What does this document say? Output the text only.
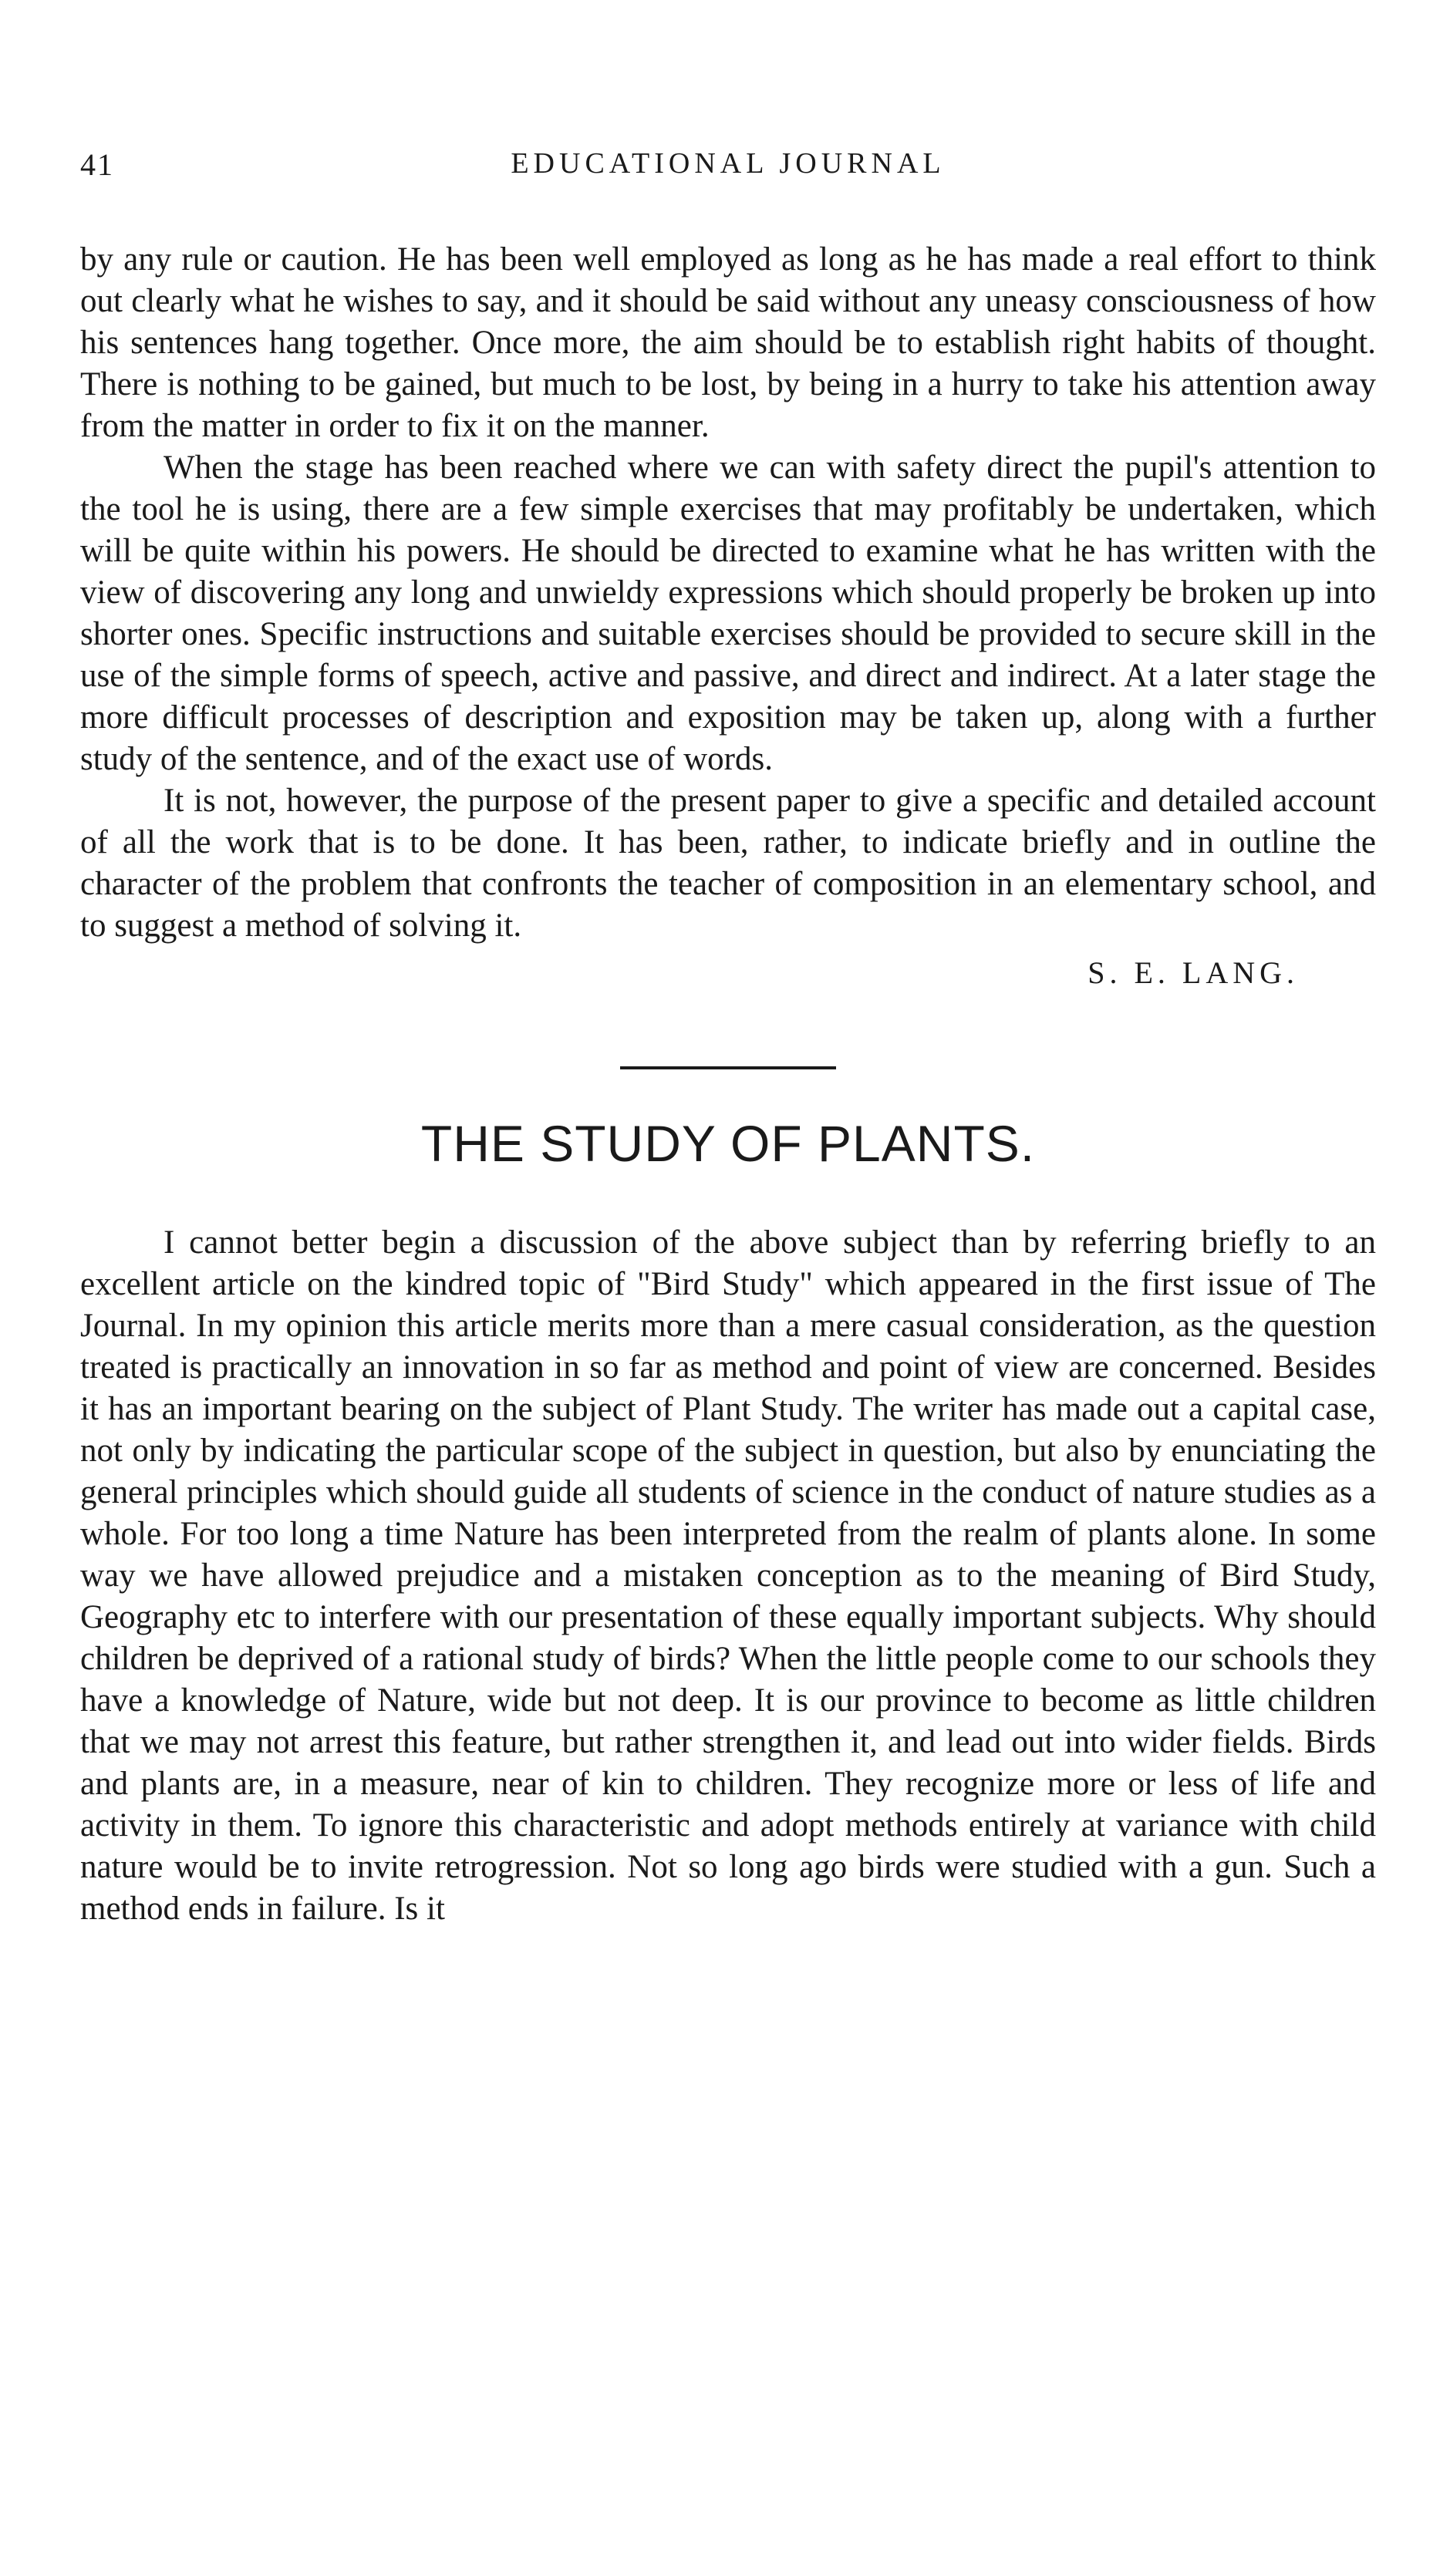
41	EDUCATIONAL JOURNAL

by any rule or caution. He has been well employed as long as he has made a real effort to think out clearly what he wishes to say, and it should be said without any uneasy consciousness of how his sentences hang together. Once more, the aim should be to establish right habits of thought. There is nothing to be gained, but much to be lost, by being in a hurry to take his attention away from the matter in order to fix it on the manner.

When the stage has been reached where we can with safety direct the pupil's attention to the tool he is using, there are a few simple exercises that may profitably be undertaken, which will be quite within his powers. He should be directed to examine what he has written with the view of discovering any long and unwieldy expressions which should properly be broken up into shorter ones. Specific instructions and suitable exercises should be provided to secure skill in the use of the simple forms of speech, active and passive, and direct and indirect. At a later stage the more difficult processes of description and exposition may be taken up, along with a further study of the sentence, and of the exact use of words.

It is not, however, the purpose of the present paper to give a specific and detailed account of all the work that is to be done. It has been, rather, to indicate briefly and in outline the character of the problem that confronts the teacher of composition in an elementary school, and to suggest a method of solving it.

S. E. LANG.
THE STUDY OF PLANTS.

I cannot better begin a discussion of the above subject than by referring briefly to an excellent article on the kindred topic of "Bird Study" which appeared in the first issue of The Journal. In my opinion this article merits more than a mere casual consideration, as the question treated is practically an innovation in so far as method and point of view are concerned. Besides it has an important bearing on the subject of Plant Study. The writer has made out a capital case, not only by indicating the particular scope of the subject in question, but also by enunciating the general principles which should guide all students of science in the conduct of nature studies as a whole. For too long a time Nature has been interpreted from the realm of plants alone. In some way we have allowed prejudice and a mistaken conception as to the meaning of Bird Study, Geography etc to interfere with our presentation of these equally important subjects. Why should children be deprived of a rational study of birds? When the little people come to our schools they have a knowledge of Nature, wide but not deep. It is our province to become as little children that we may not arrest this feature, but rather strengthen it, and lead out into wider fields. Birds and plants are, in a measure, near of kin to children. They recognize more or less of life and activity in them. To ignore this characteristic and adopt methods entirely at variance with child nature would be to invite retrogression. Not so long ago birds were studied with a gun. Such a method ends in failure. Is it
